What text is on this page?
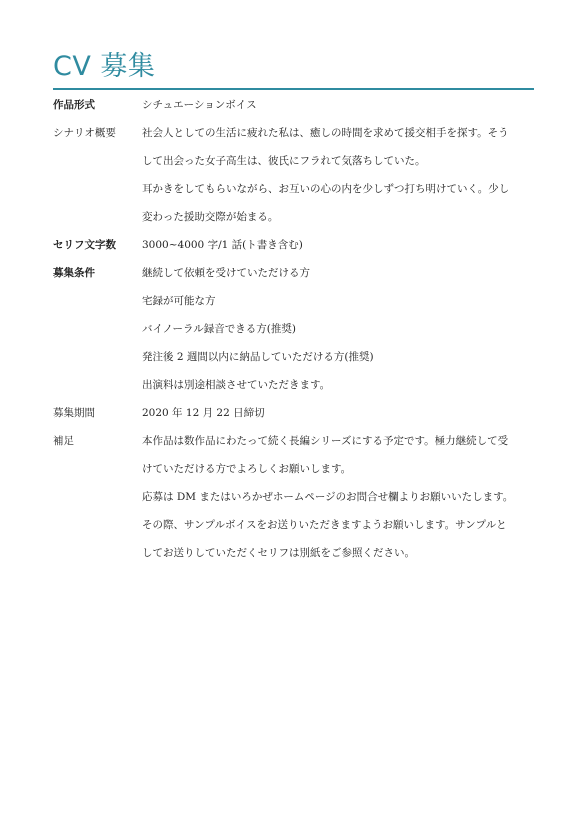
CV 募集
作品形式	シチュエーションボイス
シナリオ概要	社会人としての生活に疲れた私は、癒しの時間を求めて援交相手を探す。そう
して出会った女子高生は、彼氏にフラれて気落ちしていた。
耳かきをしてもらいながら、お互いの心の内を少しずつ打ち明けていく。少し
変わった援助交際が始まる。
セリフ文字数	3000~4000 字/1 話(ト書き含む)
募集条件	継続して依頼を受けていただける方
宅録が可能な方
バイノーラル録音できる方(推奨)
発注後 2 週間以内に納品していただける方(推奨)
出演料は別途相談させていただきます。
募集期間	2020 年 12 月 22 日締切
補足	本作品は数作品にわたって続く長編シリーズにする予定です。極力継続して受
けていただける方でよろしくお願いします。
応募は DM またはいろかぜホームページのお問合せ欄よりお願いいたします。
その際、サンプルボイスをお送りいただきますようお願いします。サンプルと
してお送りしていただくセリフは別紙をご参照ください。
